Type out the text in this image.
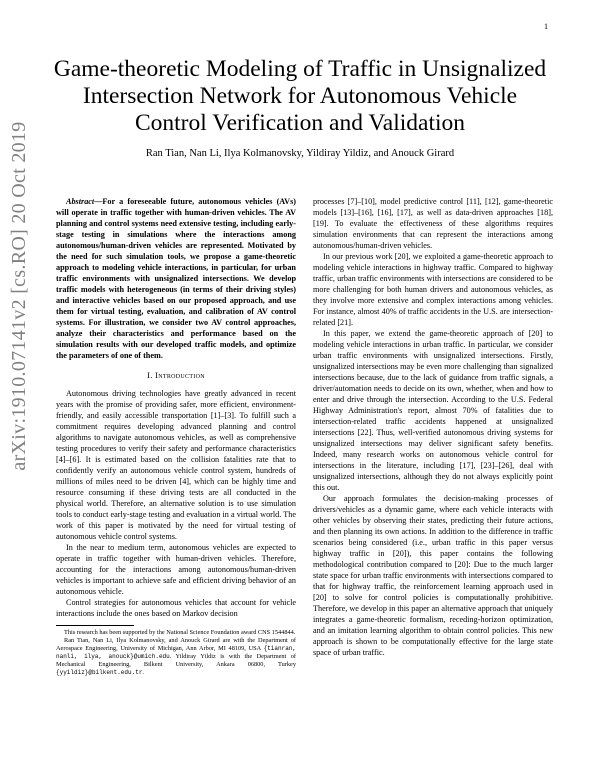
1
arXiv:1910.07141v2 [cs.RO] 20 Oct 2019
Game-theoretic Modeling of Traffic in Unsignalized
Intersection Network for Autonomous Vehicle
Control Verification and Validation
Ran Tian, Nan Li, Ilya Kolmanovsky, Yildiray Yildiz, and Anouck Girard

Abstract—For a foreseeable future, autonomous vehicles (AVs) will operate in traffic together with human-driven vehicles. The AV planning and control systems need extensive testing, including early-stage testing in simulations where the interactions among autonomous/human-driven vehicles are represented. Motivated by the need for such simulation tools, we propose a game-theoretic approach to modeling vehicle interactions, in particular, for urban traffic environments with unsignalized intersections. We develop traffic models with heterogeneous (in terms of their driving styles) and interactive vehicles based on our proposed approach, and use them for virtual testing, evaluation, and calibration of AV control systems. For illustration, we consider two AV control approaches, analyze their characteristics and performance based on the simulation results with our developed traffic models, and optimize the parameters of one of them.

I. Introduction

Autonomous driving technologies have greatly advanced in recent years with the promise of providing safer, more efficient, environment-friendly, and easily accessible transportation [1]–[3]. To fulfill such a commitment requires developing advanced planning and control algorithms to navigate autonomous vehicles, as well as comprehensive testing procedures to verify their safety and performance characteristics [4]–[6]. It is estimated based on the collision fatalities rate that to confidently verify an autonomous vehicle control system, hundreds of millions of miles need to be driven [4], which can be highly time and resource consuming if these driving tests are all conducted in the physical world. Therefore, an alternative solution is to use simulation tools to conduct early-stage testing and evaluation in a virtual world. The work of this paper is motivated by the need for virtual testing of autonomous vehicle control systems.

In the near to medium term, autonomous vehicles are expected to operate in traffic together with human-driven vehicles. Therefore, accounting for the interactions among autonomous/human-driven vehicles is important to achieve safe and efficient driving behavior of an autonomous vehicle.

Control strategies for autonomous vehicles that account for vehicle interactions include the ones based on Markov decision

This research has been supported by the National Science Foundation award CNS 1544844.

Ran Tian, Nan Li, Ilya Kolmanovsky, and Anouck Girard are with the Department of Aerospace Engineering, University of Michigan, Ann Arbor, MI 48109, USA {tianran, nanli, ilya, anouck}@umich.edu. Yildiray Yildiz is with the Department of Mechanical Engineering, Bilkent University, Ankara 06800, Turkey {yyildiz}@bilkent.edu.tr.

processes [7]–[10], model predictive control [11], [12], game-theoretic models [13]–[16], [16], [17], as well as data-driven approaches [18], [19]. To evaluate the effectiveness of these algorithms requires simulation environments that can represent the interactions among autonomous/human-driven vehicles.

In our previous work [20], we exploited a game-theoretic approach to modeling vehicle interactions in highway traffic. Compared to highway traffic, urban traffic environments with intersections are considered to be more challenging for both human drivers and autonomous vehicles, as they involve more extensive and complex interactions among vehicles. For instance, almost 40% of traffic accidents in the U.S. are intersection-related [21].

In this paper, we extend the game-theoretic approach of [20] to modeling vehicle interactions in urban traffic. In particular, we consider urban traffic environments with unsignalized intersections. Firstly, unsignalized intersections may be even more challenging than signalized intersections because, due to the lack of guidance from traffic signals, a driver/automation needs to decide on its own, whether, when and how to enter and drive through the intersection. According to the U.S. Federal Highway Administration's report, almost 70% of fatalities due to intersection-related traffic accidents happened at unsignalized intersections [22]. Thus, well-verified autonomous driving systems for unsignalized intersections may deliver significant safety benefits. Indeed, many research works on autonomous vehicle control for intersections in the literature, including [17], [23]–[26], deal with unsignalized intersections, although they do not always explicitly point this out.

Our approach formulates the decision-making processes of drivers/vehicles as a dynamic game, where each vehicle interacts with other vehicles by observing their states, predicting their future actions, and then planning its own actions. In addition to the difference in traffic scenarios being considered (i.e., urban traffic in this paper versus highway traffic in [20]), this paper contains the following methodological contribution compared to [20]: Due to the much larger state space for urban traffic environments with intersections compared to that for highway traffic, the reinforcement learning approach used in [20] to solve for control policies is computationally prohibitive. Therefore, we develop in this paper an alternative approach that uniquely integrates a game-theoretic formalism, receding-horizon optimization, and an imitation learning algorithm to obtain control policies. This new approach is shown to be computationally effective for the large state space of urban traffic.
